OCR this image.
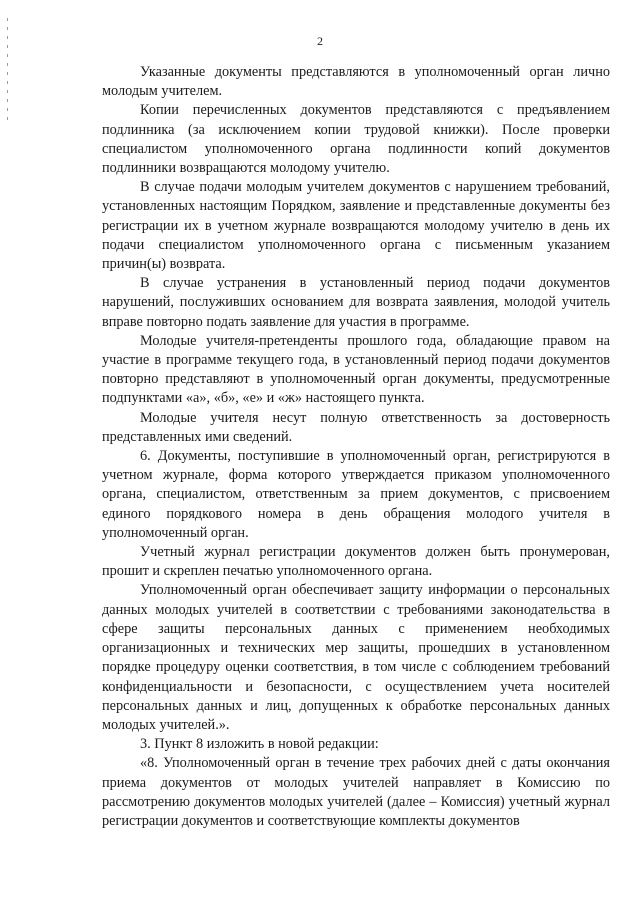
2

Указанные документы представляются в уполномоченный орган лично молодым учителем.

Копии перечисленных документов представляются с предъявлением подлинника (за исключением копии трудовой книжки). После проверки специалистом уполномоченного органа подлинности копий документов подлинники возвращаются молодому учителю.

В случае подачи молодым учителем документов с нарушением требований, установленных настоящим Порядком, заявление и представленные документы без регистрации их в учетном журнале возвращаются молодому учителю в день их подачи специалистом уполномоченного органа с письменным указанием причин(ы) возврата.

В случае устранения в установленный период подачи документов нарушений, послуживших основанием для возврата заявления, молодой учитель вправе повторно подать заявление для участия в программе.

Молодые учителя-претенденты прошлого года, обладающие правом на участие в программе текущего года, в установленный период подачи документов повторно представляют в уполномоченный орган документы, предусмотренные подпунктами «а», «б», «е» и «ж» настоящего пункта.

Молодые учителя несут полную ответственность за достоверность представленных ими сведений.

6. Документы, поступившие в уполномоченный орган, регистрируются в учетном журнале, форма которого утверждается приказом уполномоченного органа, специалистом, ответственным за прием документов, с присвоением единого порядкового номера в день обращения молодого учителя в уполномоченный орган.

Учетный журнал регистрации документов должен быть пронумерован, прошит и скреплен печатью уполномоченного органа.

Уполномоченный орган обеспечивает защиту информации о персональных данных молодых учителей в соответствии с требованиями законодательства в сфере защиты персональных данных с применением необходимых организационных и технических мер защиты, прошедших в установленном порядке процедуру оценки соответствия, в том числе с соблюдением требований конфиденциальности и безопасности, с осуществлением учета носителей персональных данных и лиц, допущенных к обработке персональных данных молодых учителей.».

3. Пункт 8 изложить в новой редакции:

«8. Уполномоченный орган в течение трех рабочих дней с даты окончания приема документов от молодых учителей направляет в Комиссию по рассмотрению документов молодых учителей (далее – Комиссия) учетный журнал регистрации документов и соответствующие комплекты документов
